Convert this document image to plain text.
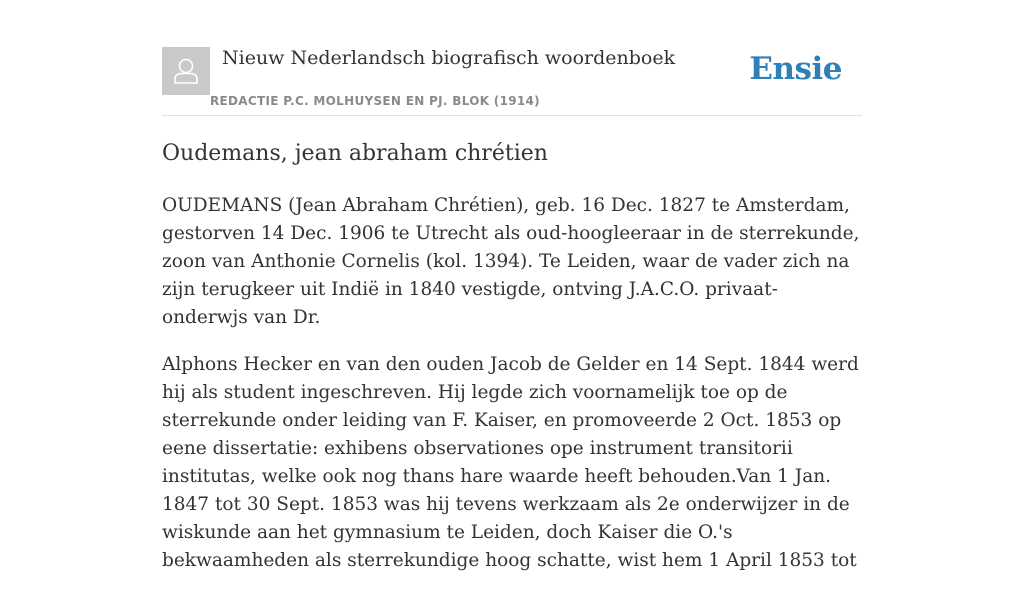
Nieuw Nederlandsch biografisch woordenboek
REDACTIE P.C. MOLHUYSEN EN PJ. BLOK (1914)
Ensie
Oudemans, jean abraham chrétien

OUDEMANS (Jean Abraham Chrétien), geb. 16 Dec. 1827 te Amsterdam, gestorven 14 Dec. 1906 te Utrecht als oud-hoogleeraar in de sterrekunde, zoon van Anthonie Cornelis (kol. 1394). Te Leiden, waar de vader zich na zijn terugkeer uit Indië in 1840 vestigde, ontving J.A.C.O. privaat-onderwjs van Dr.

Alphons Hecker en van den ouden Jacob de Gelder en 14 Sept. 1844 werd hij als student ingeschreven. Hij legde zich voornamelijk toe op de sterrekunde onder leiding van F. Kaiser, en promoveerde 2 Oct. 1853 op eene dissertatie: exhibens observationes ope instrument transitorii institutas, welke ook nog thans hare waarde heeft behouden.Van 1 Jan. 1847 tot 30 Sept. 1853 was hij tevens werkzaam als 2e onderwijzer in de wiskunde aan het gymnasium te Leiden, doch Kaiser die O.'s bekwaamheden als sterrekundige hoog schatte, wist hem 1 April 1853 tot
